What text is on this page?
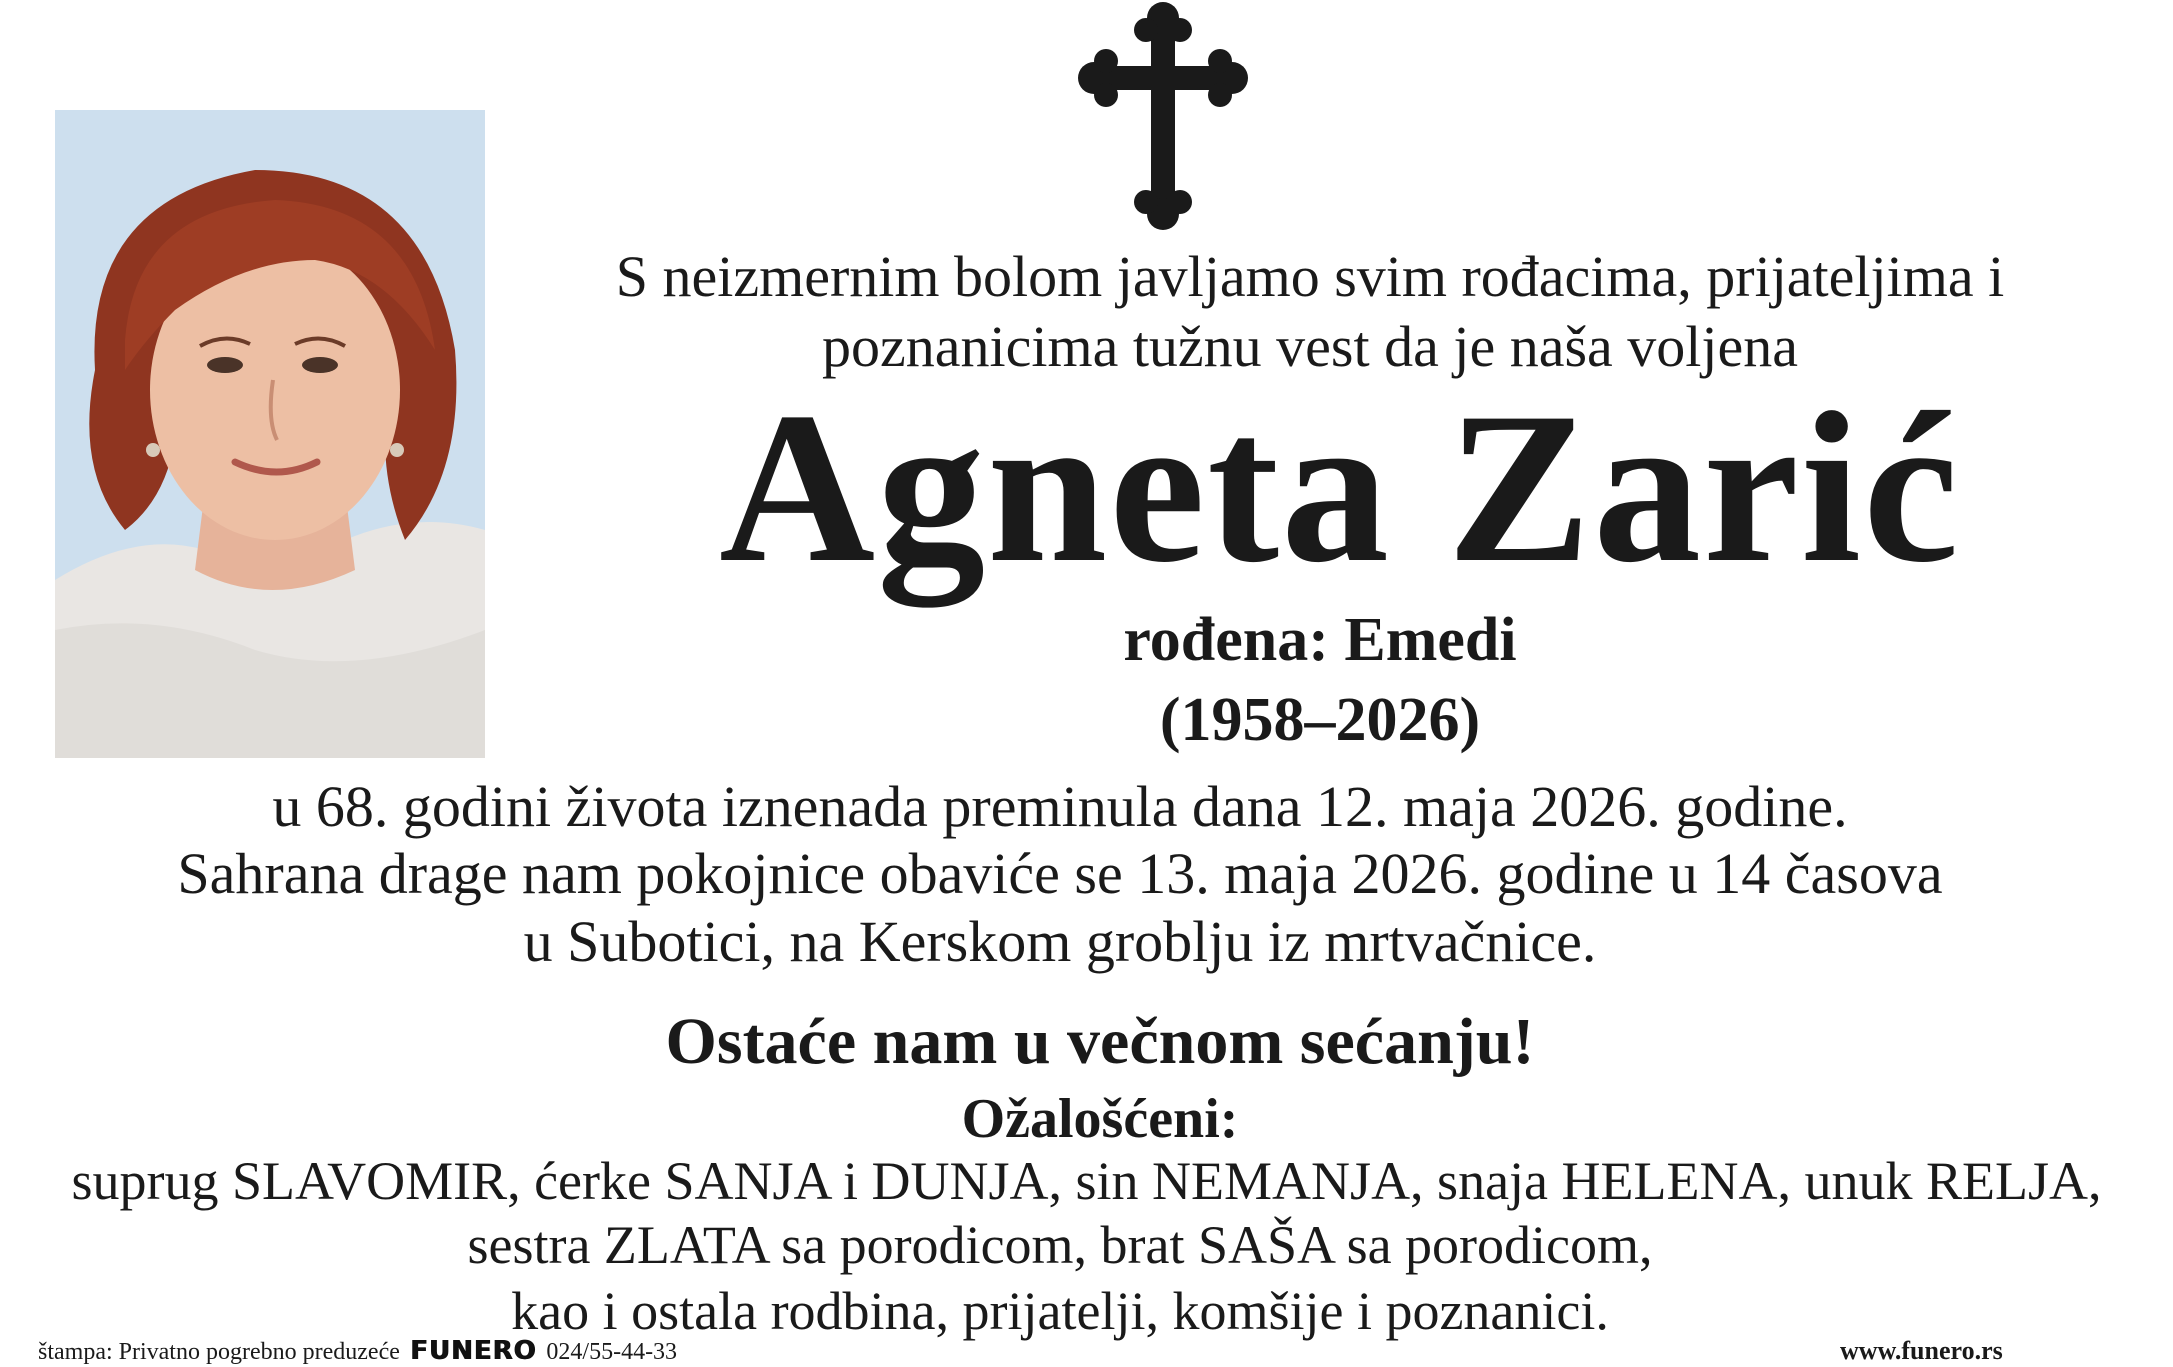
S neizmernim bolom javljamo svim rođacima, prijateljima i
poznanicima tužnu vest da je naša voljena
Agneta Zarić
rođena: Emedi
(1958–2026)
u 68. godini života iznenada preminula dana 12. maja 2026. godine.
Sahrana drage nam pokojnice obaviće se 13. maja 2026. godine u 14 časova
u Subotici, na Kerskom groblju iz mrtvačnice.
Ostaće nam u večnom sećanju!
Ožalošćeni:
suprug SLAVOMIR, ćerke SANJA i DUNJA, sin NEMANJA, snaja HELENA, unuk RELJA,
sestra ZLATA sa porodicom, brat SAŠA sa porodicom,
kao i ostala rodbina, prijatelji, komšije i poznanici.
štampa: Privatno pogrebno preduzeće FUNERO 024/55-44-33	www.funero.rs
